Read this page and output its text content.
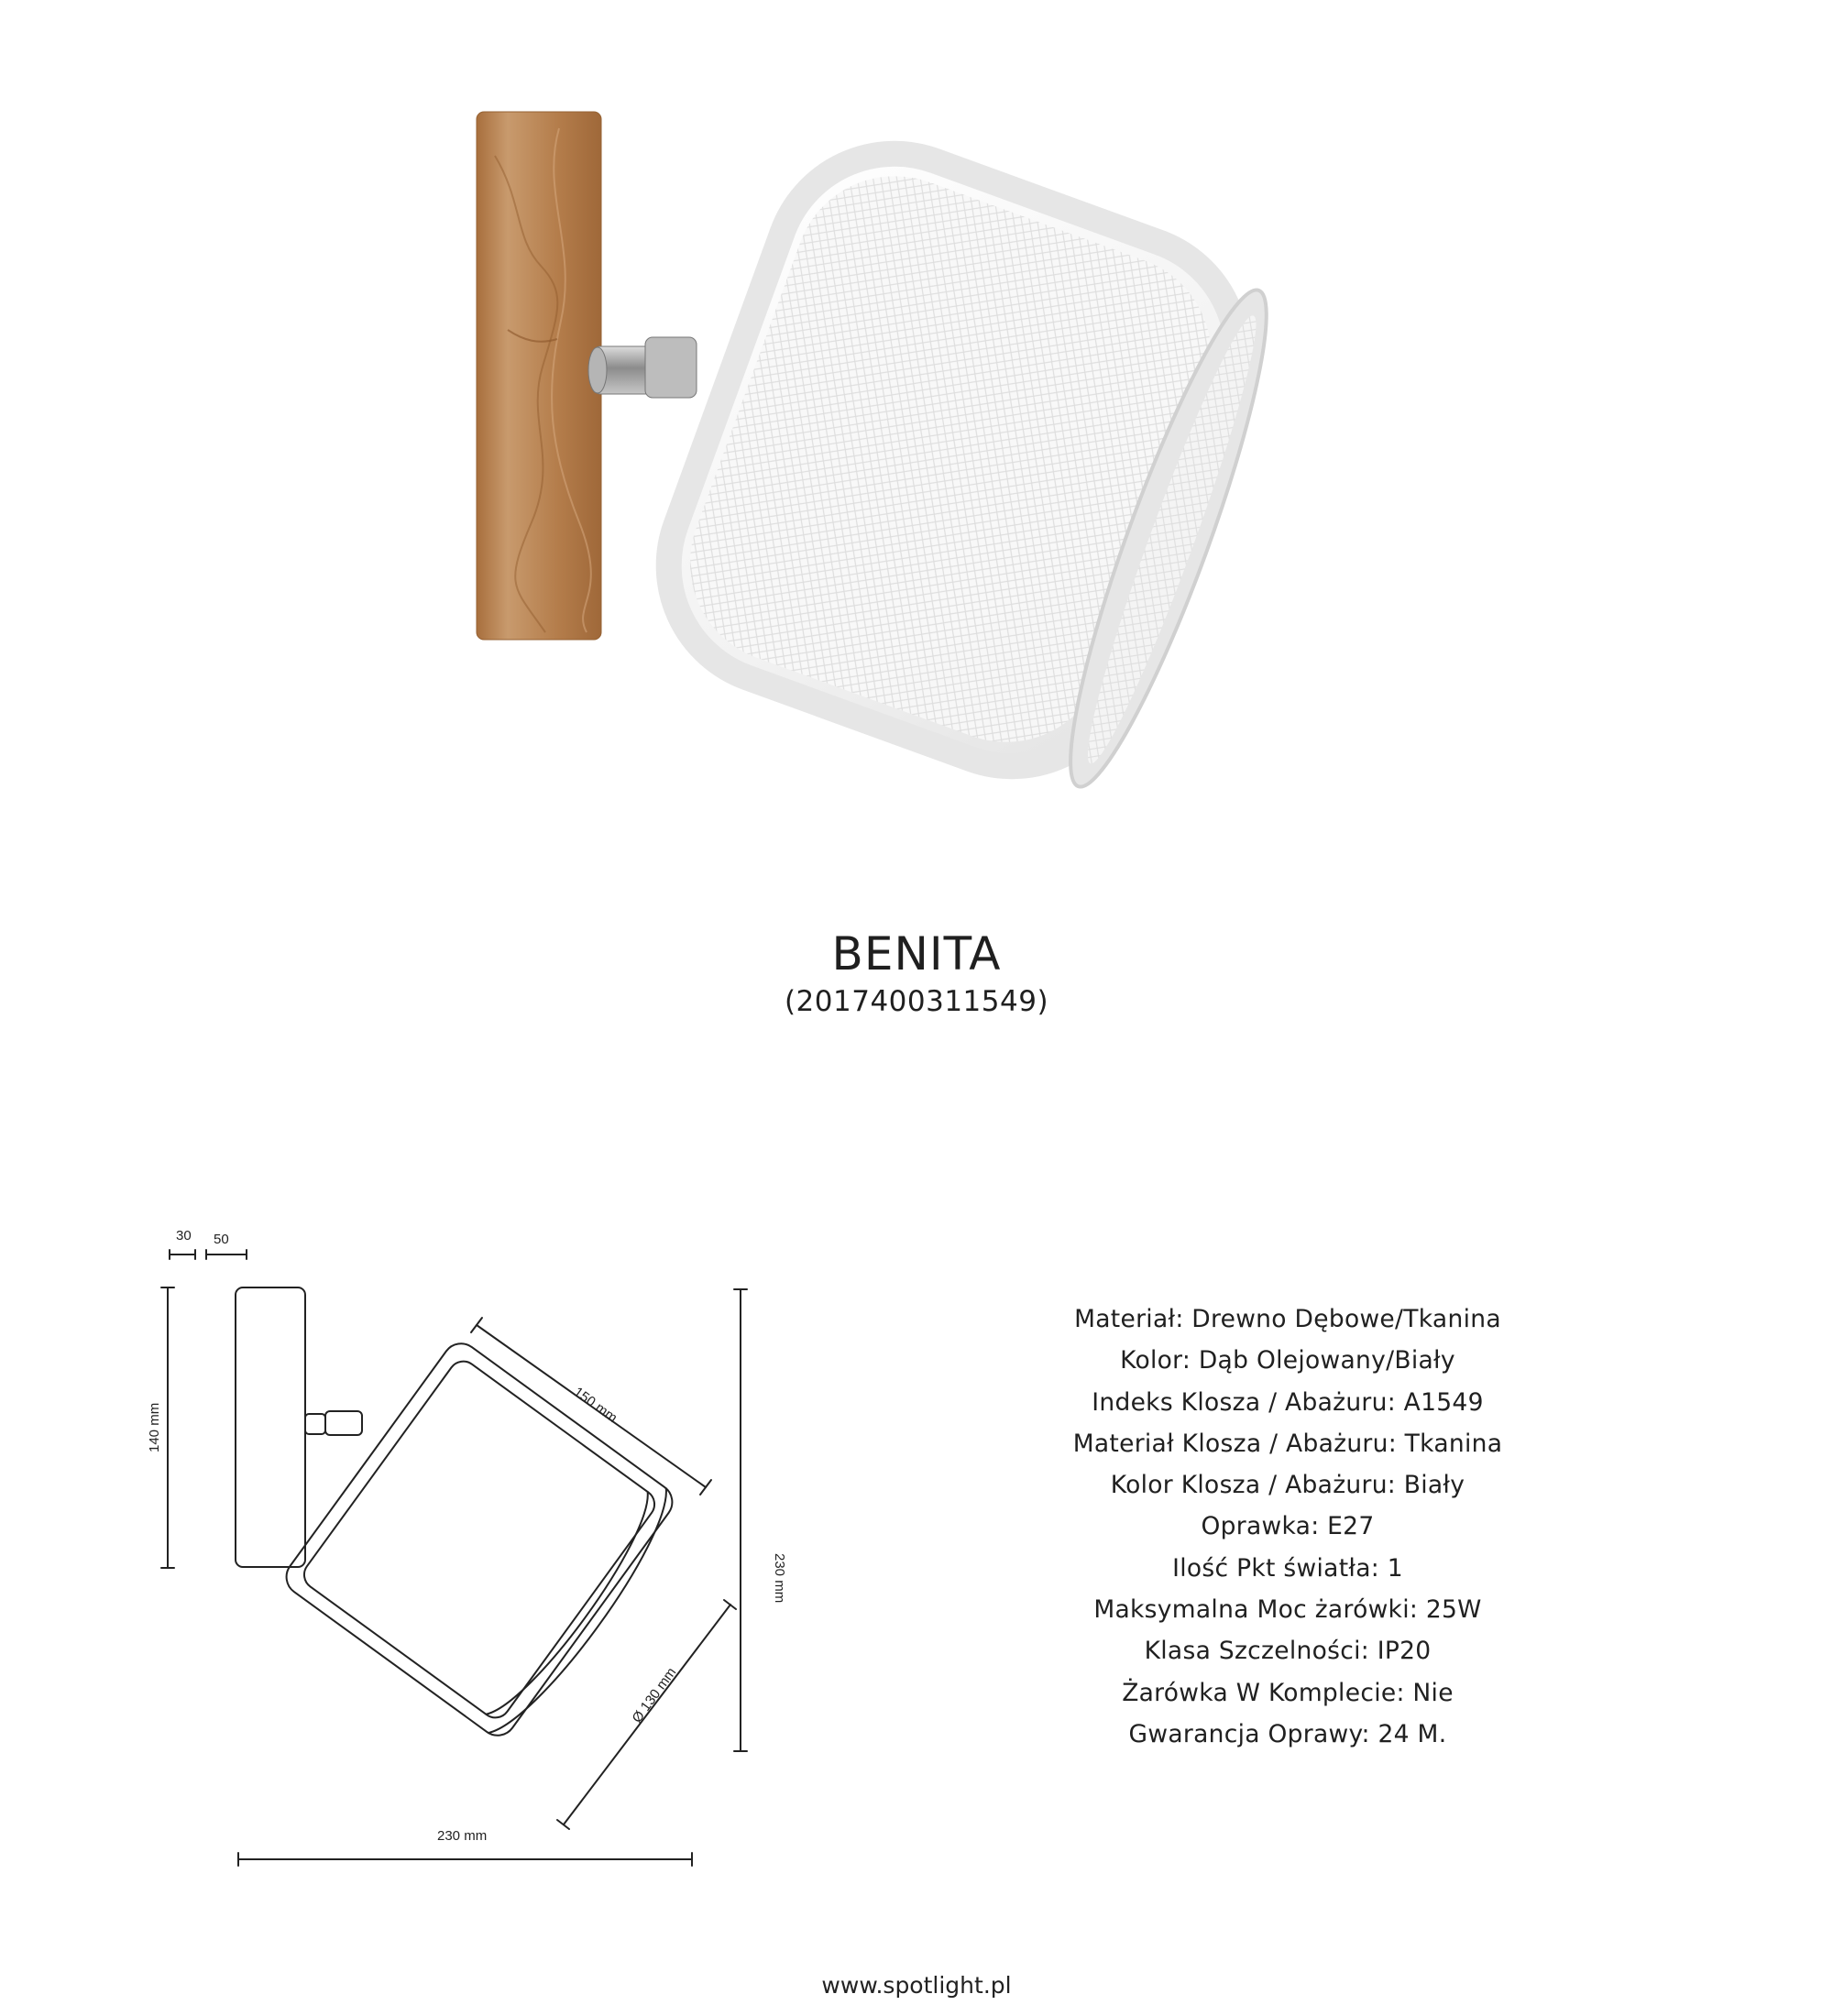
BENITA
(2017400311549)
30 50
140 mm	150 mm
230 mm
Ø 130 mm
230 mm
Materiał: Drewno Dębowe/Tkanina
Kolor: Dąb Olejowany/Biały
Indeks Klosza / Abażuru: A1549
Materiał Klosza / Abażuru: Tkanina
Kolor Klosza / Abażuru: Biały
Oprawka: E27
Ilość Pkt światła: 1
Maksymalna Moc żarówki: 25W
Klasa Szczelności: IP20
Żarówka W Komplecie: Nie
Gwarancja Oprawy: 24 M.
www.spotlight.pl
